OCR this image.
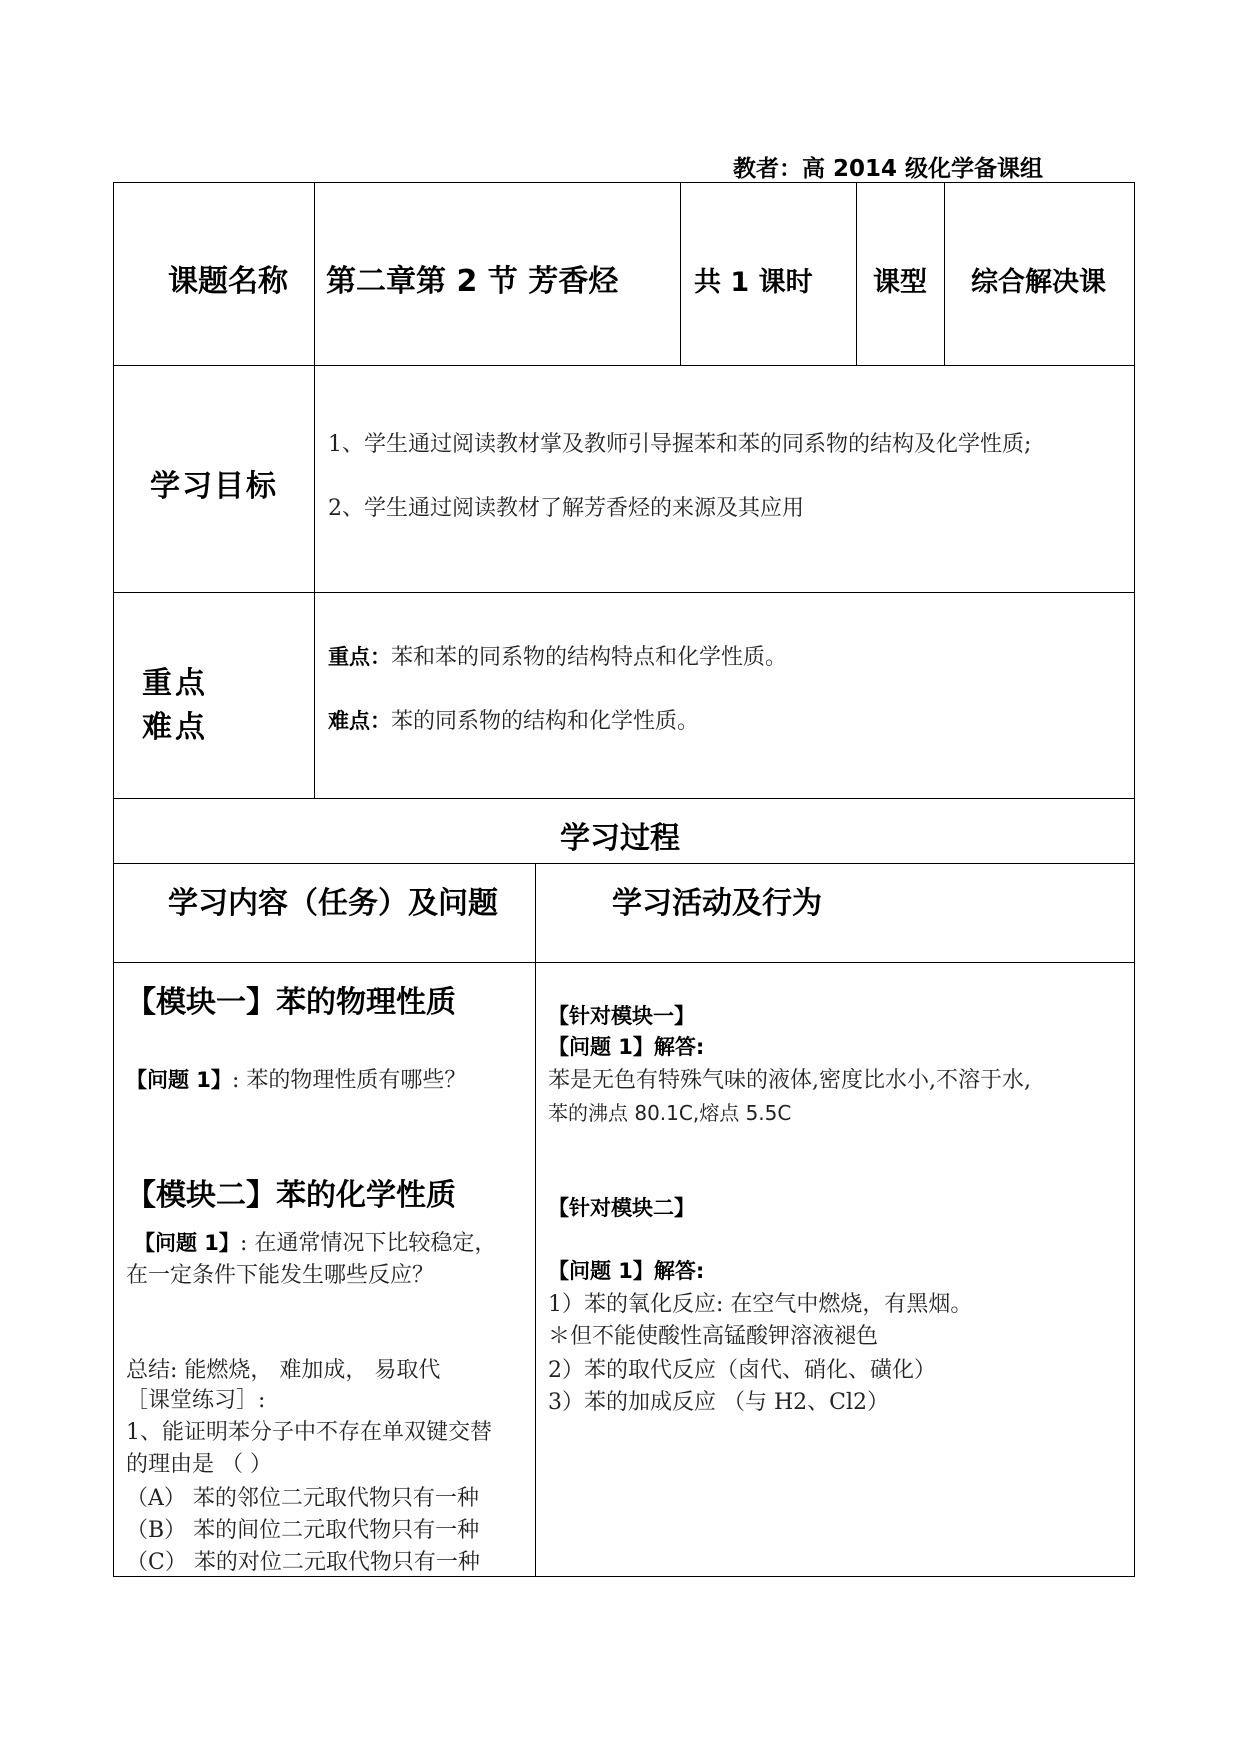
教者：高 2014 级化学备课组
课题名称 第二章第 2 节 芳香烃	共 1 课时 课型 综合解决课
学习目标
1、学生通过阅读教材掌及教师引导握苯和苯的同系物的结构及化学性质;
2、学生通过阅读教材了解芳香烃的来源及其应用
重点
难点
重点：苯和苯的同系物的结构特点和化学性质。
难点：苯的同系物的结构和化学性质。
学习过程
学习内容（任务）及问题	学习活动及行为
【模块一】苯的物理性质
【问题 1】: 苯的物理性质有哪些？
【模块二】苯的化学性质
【问题 1】: 在通常情况下比较稳定，
在一定条件下能发生哪些反应？
总结: 能燃烧， 难加成， 易取代
［课堂练习］:
1、能证明苯分子中不存在单双键交替
的理由是 （ ）
（A） 苯的邻位二元取代物只有一种
（B） 苯的间位二元取代物只有一种
（C） 苯的对位二元取代物只有一种
【针对模块一】
【问题 1】解答:
苯是无色有特殊气味的液体,密度比水小,不溶于水,
苯的沸点 80.1C,熔点 5.5C
【针对模块二】
【问题 1】解答:
1）苯的氧化反应: 在空气中燃烧，有黑烟。
＊但不能使酸性高锰酸钾溶液褪色
2）苯的取代反应（卤代、硝化、磺化）
3）苯的加成反应 （与 H2、Cl2）
